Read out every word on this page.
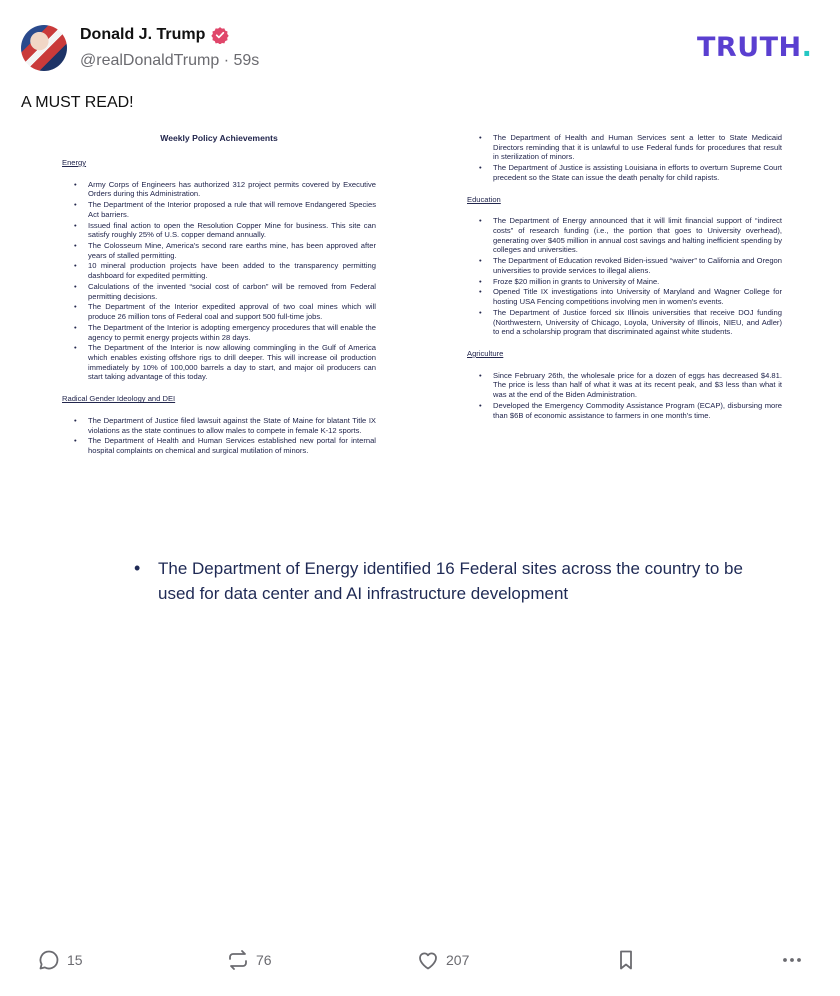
Donald J. Trump
@realDonaldTrump · 59s	TRUTH.
A MUST READ!
Weekly Policy Achievements
Energy
• Army Corps of Engineers has authorized 312 project permits covered by Executive Orders during this Administration.
• The Department of the Interior proposed a rule that will remove Endangered Species Act barriers.
• Issued final action to open the Resolution Copper Mine for business. This site can satisfy roughly 25% of U.S. copper demand annually.
• The Colosseum Mine, America's second rare earths mine, has been approved after years of stalled permitting.
• 10 mineral production projects have been added to the transparency permitting dashboard for expedited permitting.
• Calculations of the invented “social cost of carbon” will be removed from Federal permitting decisions.
• The Department of the Interior expedited approval of two coal mines which will produce 26 million tons of Federal coal and support 500 full-time jobs.
• The Department of the Interior is adopting emergency procedures that will enable the agency to permit energy projects within 28 days.
• The Department of the Interior is now allowing commingling in the Gulf of America which enables existing offshore rigs to drill deeper. This will increase oil production immediately by 10% of 100,000 barrels a day to start, and major oil producers can start taking advantage of this today.
Radical Gender Ideology and DEI
• The Department of Justice filed lawsuit against the State of Maine for blatant Title IX violations as the state continues to allow males to compete in female K-12 sports.
• The Department of Health and Human Services established new portal for internal hospital complaints on chemical and surgical mutilation of minors.
• The Department of Health and Human Services sent a letter to State Medicaid Directors reminding that it is unlawful to use Federal funds for procedures that result in sterilization of minors.
• The Department of Justice is assisting Louisiana in efforts to overturn Supreme Court precedent so the State can issue the death penalty for child rapists.
Education
• The Department of Energy announced that it will limit financial support of “indirect costs” of research funding (i.e., the portion that goes to University overhead), generating over $405 million in annual cost savings and halting inefficient spending by colleges and universities.
• The Department of Education revoked Biden-issued “waiver” to California and Oregon universities to provide services to illegal aliens.
• Froze $20 million in grants to University of Maine.
• Opened Title IX investigations into University of Maryland and Wagner College for hosting USA Fencing competitions involving men in women's events.
• The Department of Justice forced six Illinois universities that receive DOJ funding (Northwestern, University of Chicago, Loyola, University of Illinois, NIEU, and Adler) to end a scholarship program that discriminated against white students.
Agriculture
• Since February 26th, the wholesale price for a dozen of eggs has decreased $4.81. The price is less than half of what it was at its recent peak, and $3 less than what it was at the end of the Biden Administration.
• Developed the Emergency Commodity Assistance Program (ECAP), disbursing more than $6B of economic assistance to farmers in one month's time.
•	The Department of Energy identified 16 Federal sites across the country to be used for data center and AI infrastructure development
15	76	207
